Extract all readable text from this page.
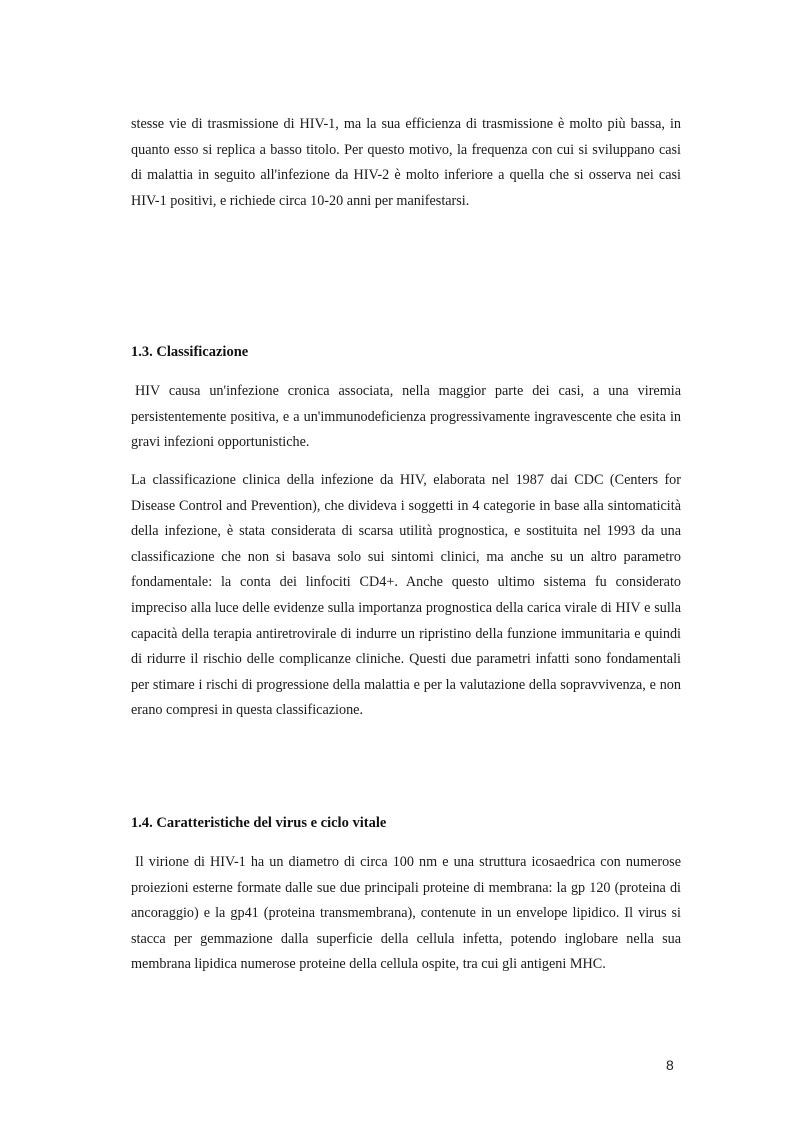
stesse vie di trasmissione di HIV-1, ma la sua efficienza di trasmissione è molto più bassa, in quanto esso si replica a basso titolo. Per questo motivo, la frequenza con cui si sviluppano casi di malattia in seguito all'infezione da HIV-2 è molto inferiore a quella che si osserva nei casi HIV-1 positivi, e richiede circa 10-20 anni per manifestarsi.

1.3. Classificazione

HIV causa un'infezione cronica associata, nella maggior parte dei casi, a una viremia persistentemente positiva, e a un'immunodeficienza progressivamente ingravescente che esita in gravi infezioni opportunistiche.

La classificazione clinica della infezione da HIV, elaborata nel 1987 dai CDC (Centers for Disease Control and Prevention), che divideva i soggetti in 4 categorie in base alla sintomaticità della infezione, è stata considerata di scarsa utilità prognostica, e sostituita nel 1993 da una classificazione che non si basava solo sui sintomi clinici, ma anche su un altro parametro fondamentale: la conta dei linfociti CD4+. Anche questo ultimo sistema fu considerato impreciso alla luce delle evidenze sulla importanza prognostica della carica virale di HIV e sulla capacità della terapia antiretrovirale di indurre un ripristino della funzione immunitaria e quindi di ridurre il rischio delle complicanze cliniche. Questi due parametri infatti sono fondamentali per stimare i rischi di progressione della malattia e per la valutazione della sopravvivenza, e non erano compresi in questa classificazione.

1.4. Caratteristiche del virus e ciclo vitale

Il virione di HIV-1 ha un diametro di circa 100 nm e una struttura icosaedrica con numerose proiezioni esterne formate dalle sue due principali proteine di membrana: la gp 120 (proteina di ancoraggio) e la gp41 (proteina transmembrana), contenute in un envelope lipidico. Il virus si stacca per gemmazione dalla superficie della cellula infetta, potendo inglobare nella sua membrana lipidica numerose proteine della cellula ospite, tra cui gli antigeni MHC.

8
